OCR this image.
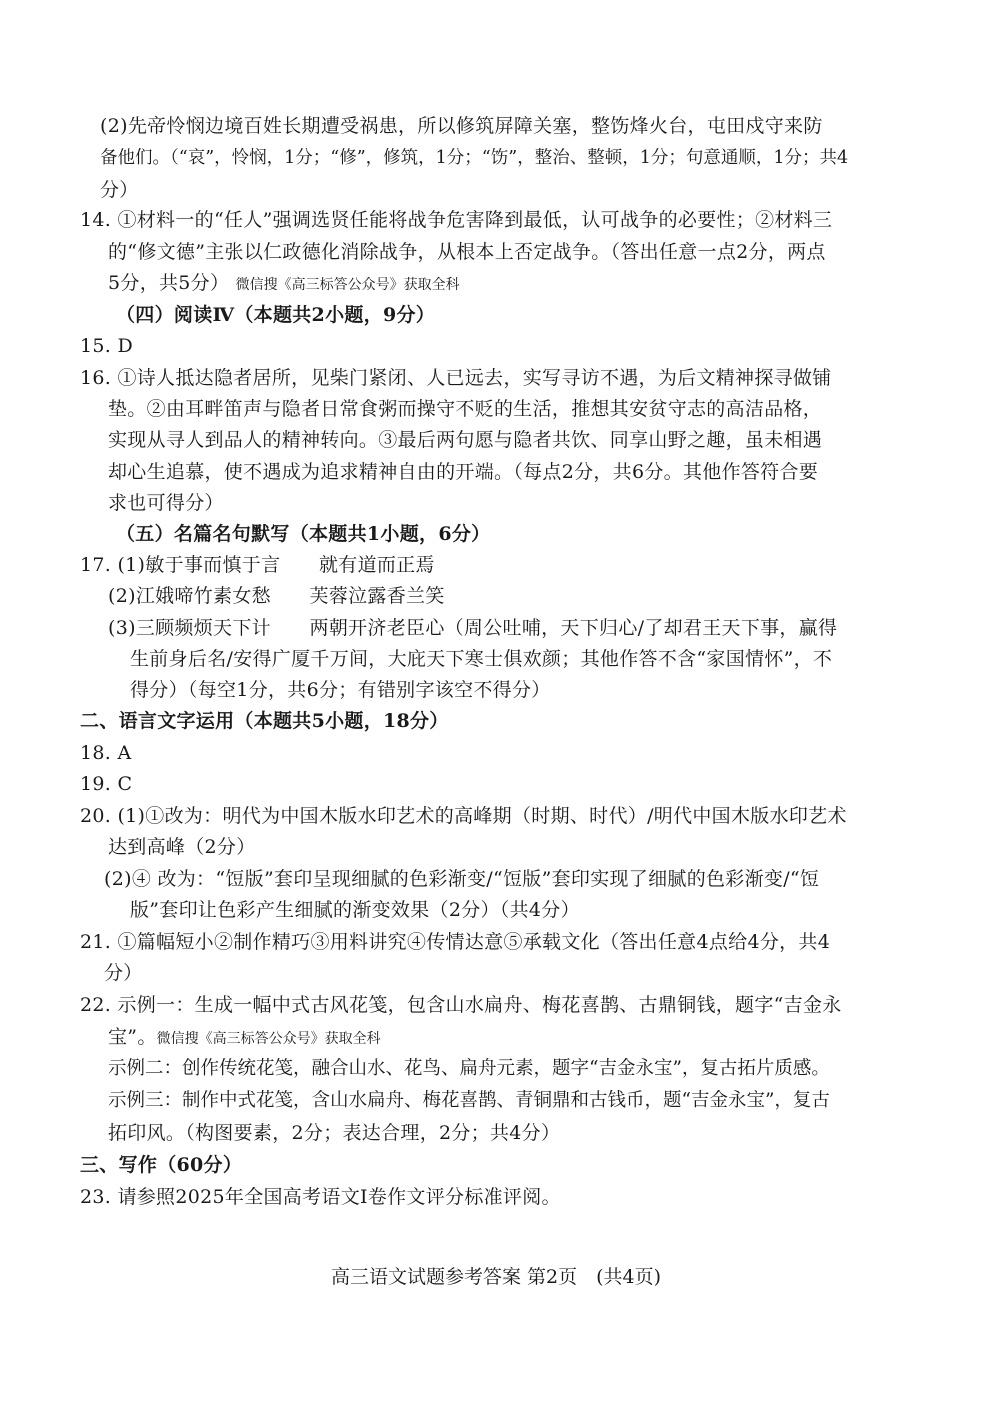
(2)先帝怜悯边境百姓长期遭受祸患，所以修筑屏障关塞，整饬烽火台，屯田戍守来防
备他们。（“哀”，怜悯，1分；“修”，修筑，1分；“饬”，整治、整顿，1分；句意通顺，1分；共4
分）
14. ①材料一的“任人”强调选贤任能将战争危害降到最低，认可战争的必要性；②材料三
的“修文德”主张以仁政德化消除战争，从根本上否定战争。（答出任意一点2分，两点
5分，共5分） 微信搜《高三标答公众号》获取全科
（四）阅读Ⅳ（本题共2小题，9分）
15. D
16. ①诗人抵达隐者居所，见柴门紧闭、人已远去，实写寻访不遇，为后文精神探寻做铺
垫。②由耳畔笛声与隐者日常食粥而操守不贬的生活，推想其安贫守志的高洁品格，
实现从寻人到品人的精神转向。③最后两句愿与隐者共饮、同享山野之趣，虽未相遇
却心生追慕，使不遇成为追求精神自由的开端。（每点2分，共6分。其他作答符合要
求也可得分）
（五）名篇名句默写（本题共1小题，6分）
17. (1)敏于事而慎于言　　就有道而正焉
(2)江娥啼竹素女愁　　芙蓉泣露香兰笑
(3)三顾频烦天下计　　两朝开济老臣心（周公吐哺，天下归心/了却君王天下事，赢得
生前身后名/安得广厦千万间，大庇天下寒士俱欢颜；其他作答不含“家国情怀”，不
得分）（每空1分，共6分；有错别字该空不得分）
二、语言文字运用（本题共5小题，18分）
18. A
19. C
20. (1)①改为：明代为中国木版水印艺术的高峰期（时期、时代）/明代中国木版水印艺术
达到高峰（2分）
(2)④ 改为：“饾版”套印呈现细腻的色彩渐变/“饾版”套印实现了细腻的色彩渐变/“饾
版”套印让色彩产生细腻的渐变效果（2分）（共4分）
21. ①篇幅短小②制作精巧③用料讲究④传情达意⑤承载文化（答出任意4点给4分，共4
分）
22. 示例一：生成一幅中式古风花笺，包含山水扁舟、梅花喜鹊、古鼎铜钱，题字“吉金永
宝”。微信搜《高三标答公众号》获取全科
示例二：创作传统花笺，融合山水、花鸟、扁舟元素，题字“吉金永宝”，复古拓片质感。
示例三：制作中式花笺，含山水扁舟、梅花喜鹊、青铜鼎和古钱币，题“吉金永宝”，复古
拓印风。（构图要素，2分；表达合理，2分；共4分）
三、写作（60分）
23. 请参照2025年全国高考语文Ⅰ卷作文评分标准评阅。
高三语文试题参考答案 第2页　(共4页)
